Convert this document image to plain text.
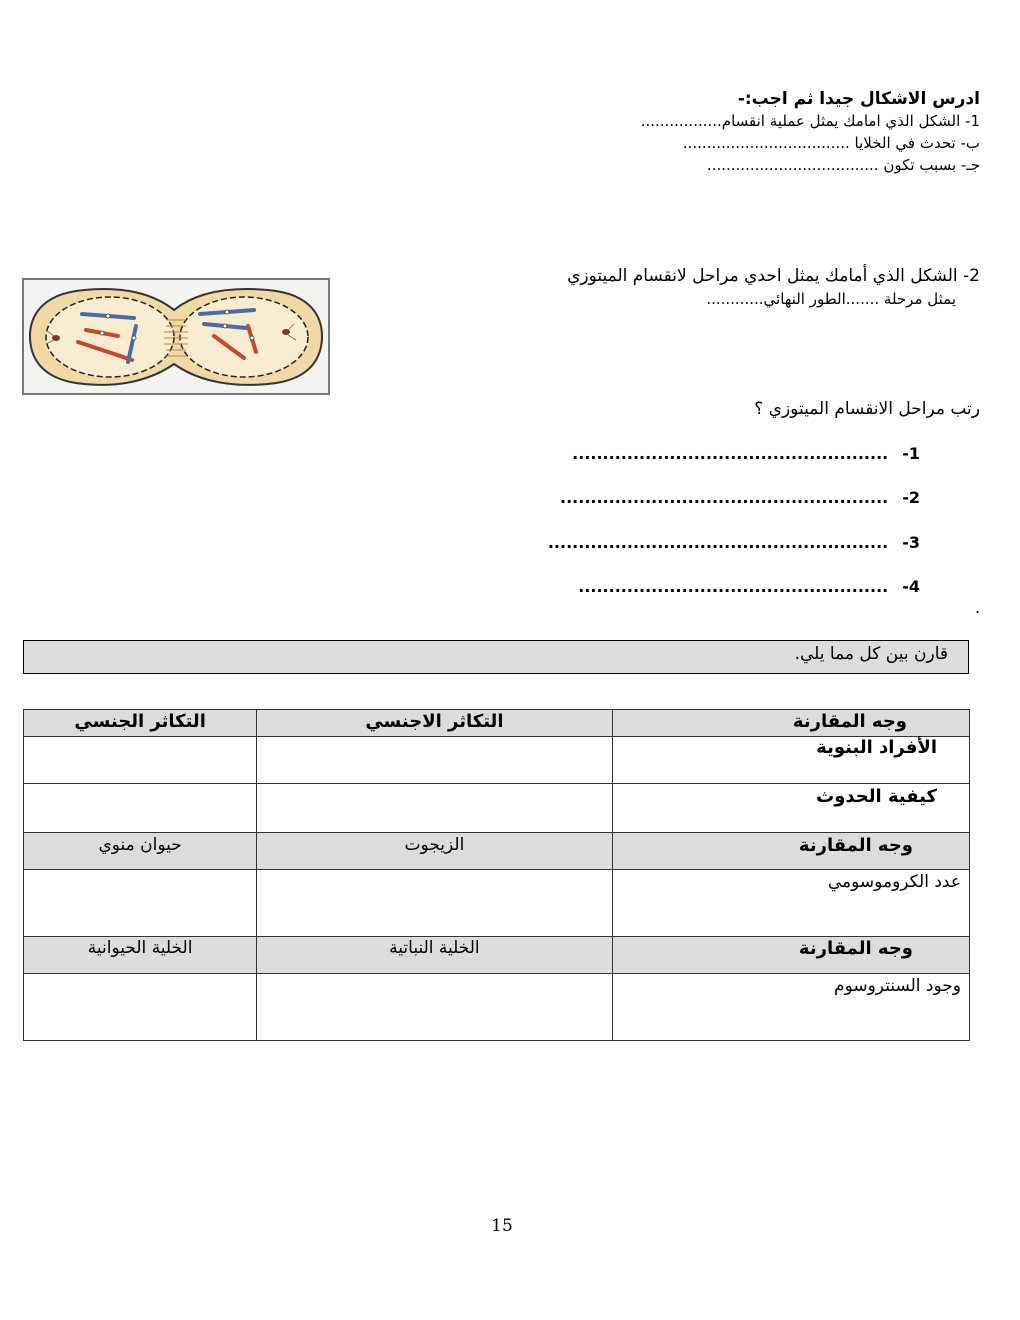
ادرس الاشكال جيدا ثم اجب:-
1- الشكل الذي امامك يمثل عملية انقسام.................
ب- تحدث في الخلايا ...................................
جـ- بسبب تكون ....................................
2- الشكل الذي أمامك يمثل احدي مراحل لانقسام الميتوزي
يمثل مرحلة .......الطور النهائي............
رتب مراحل الانقسام الميتوزي ؟
.................................................... -1
...................................................... -2
........................................................ -3
................................................... -4
.
قارن بين كل مما يلي.
التكاثر الجنسي	التكاثر الاجنسي	وجه المقارنة

		الأفراد البنوية

		كيفية الحدوث

حيوان منوي	الزيجوت	وجه المقارنة

		عدد الكروموسومي

الخلية الحيوانية	الخلية النباتية	وجه المقارنة

		وجود السنتروسوم
15
